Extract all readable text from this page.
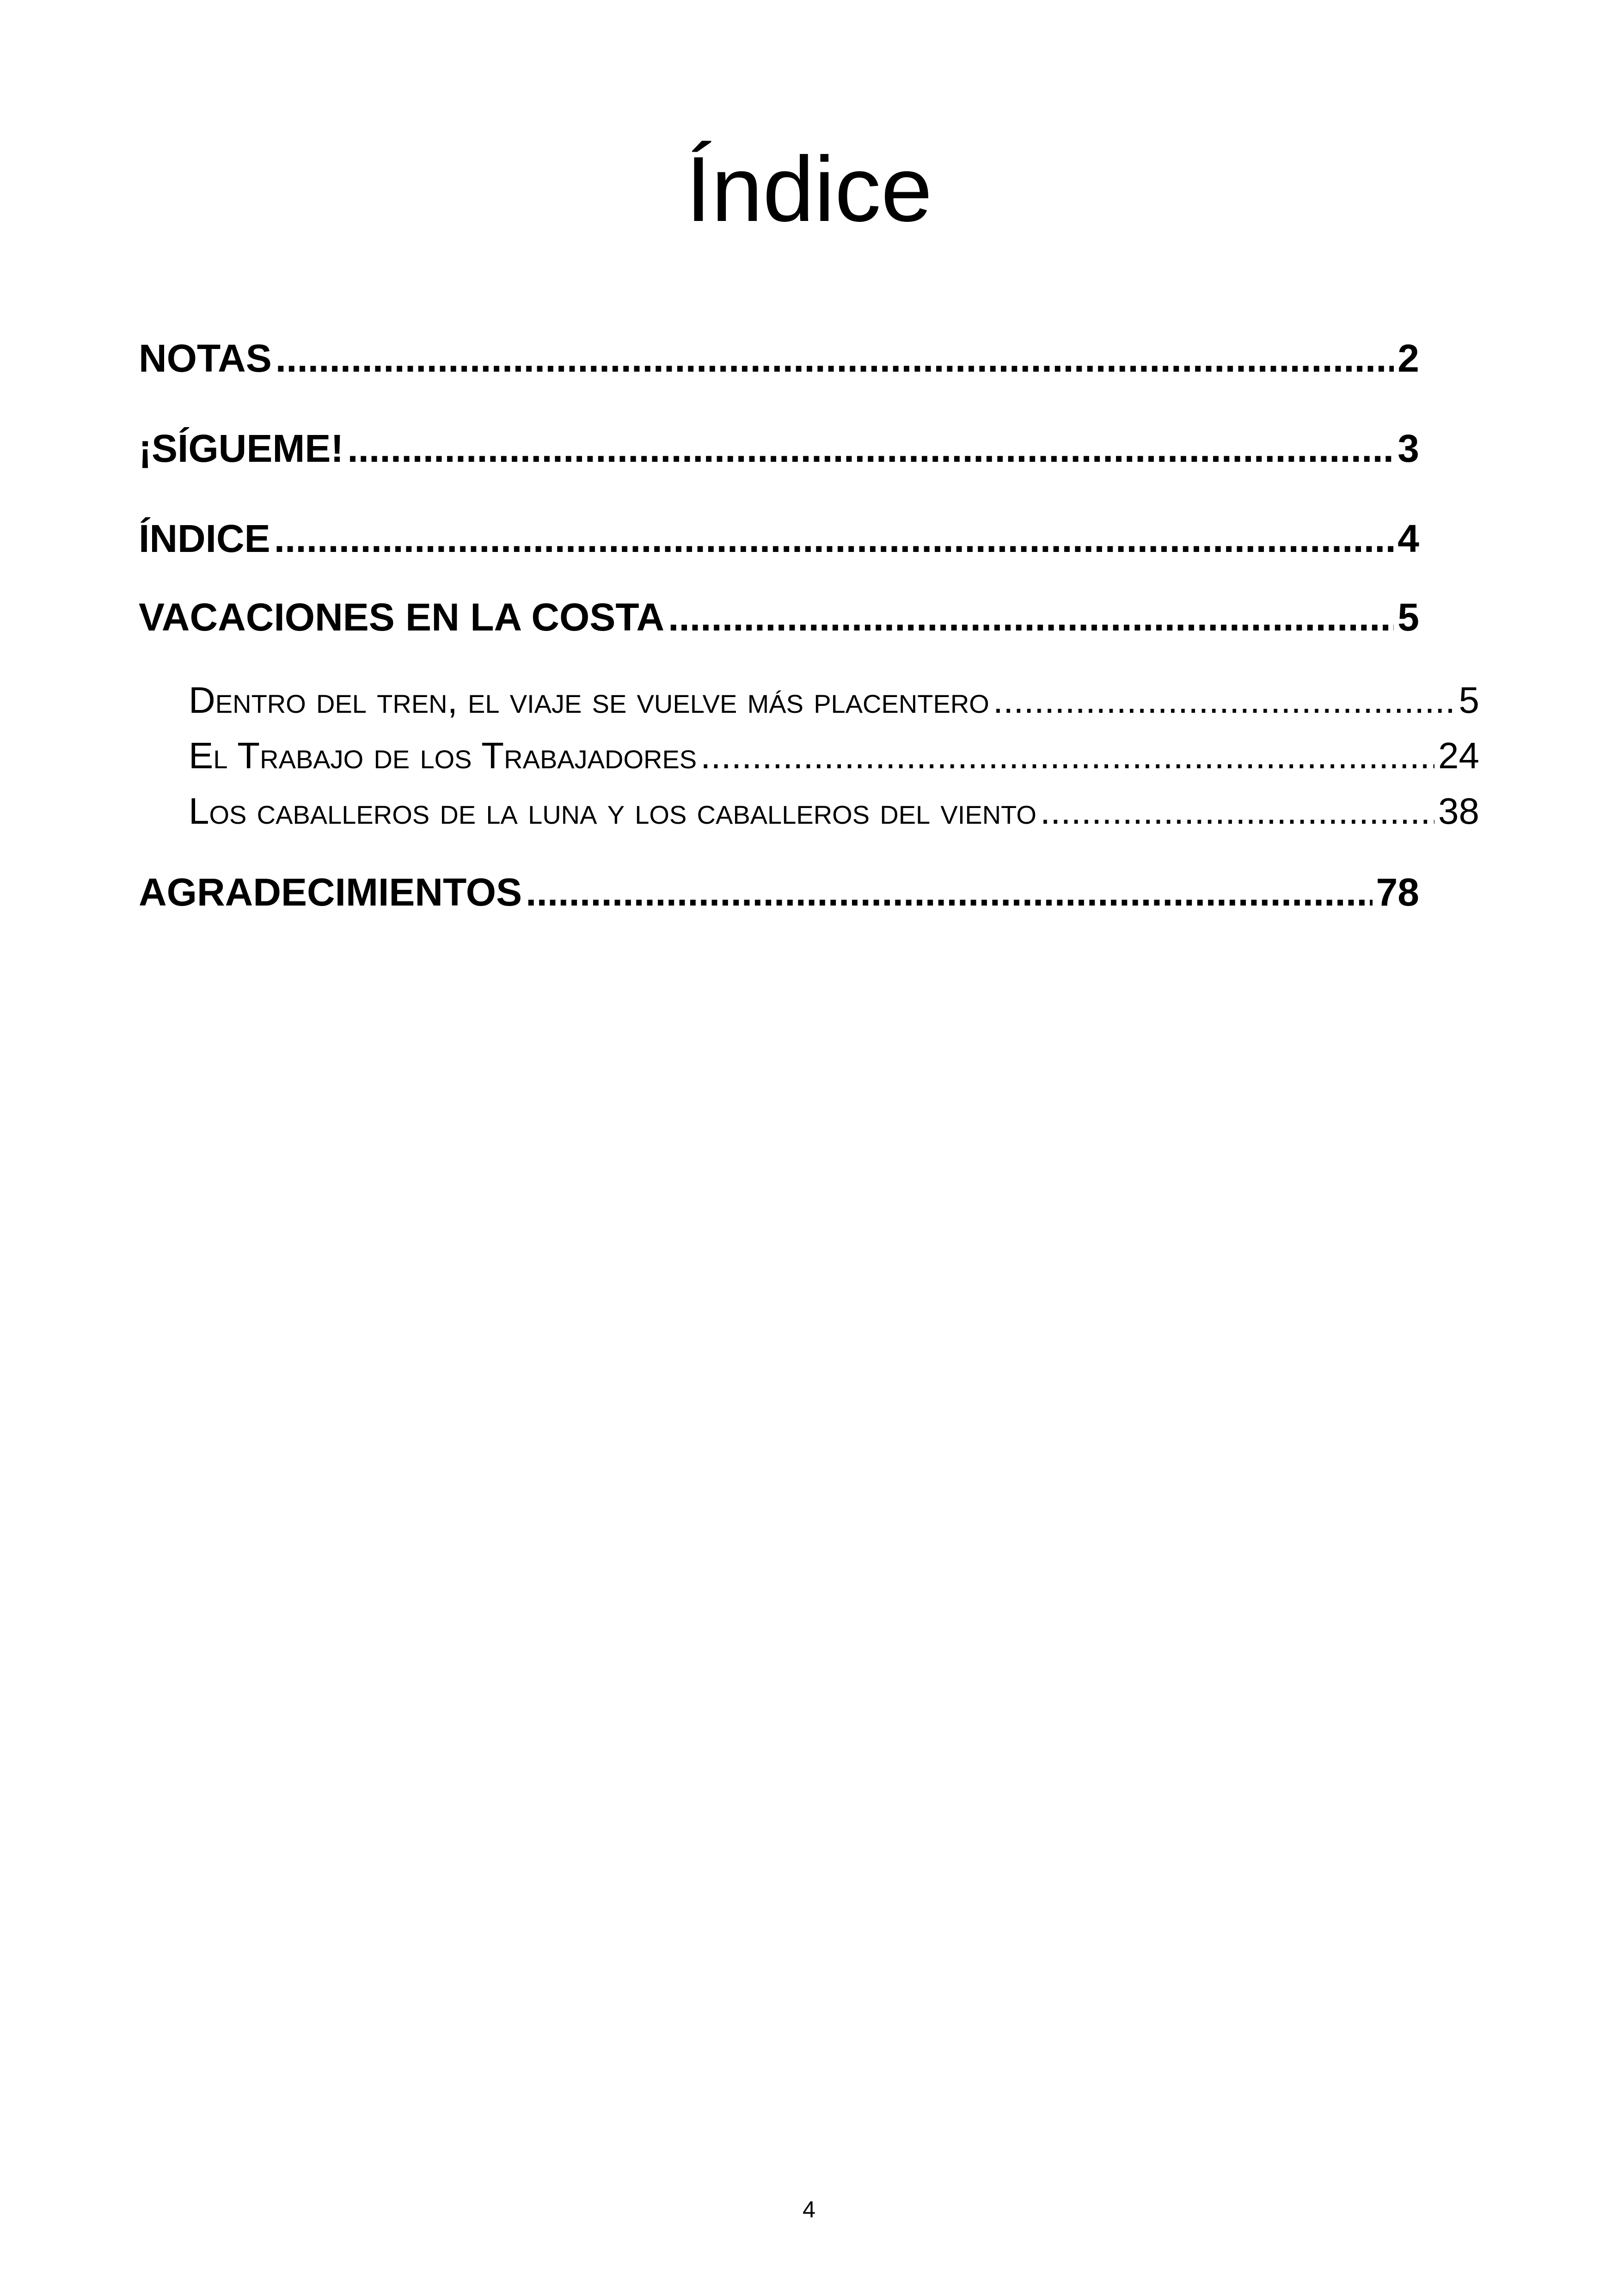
Índice
NOTAS .....	2
¡SÍGUEME! .....	3
ÍNDICE .....	4
VACACIONES EN LA COSTA .....	5
Dentro del tren, el viaje se vuelve más placentero .....	5
El Trabajo de los Trabajadores .....	24
Los caballeros de la luna y los caballeros del viento .....	38
AGRADECIMIENTOS .....	78
4
